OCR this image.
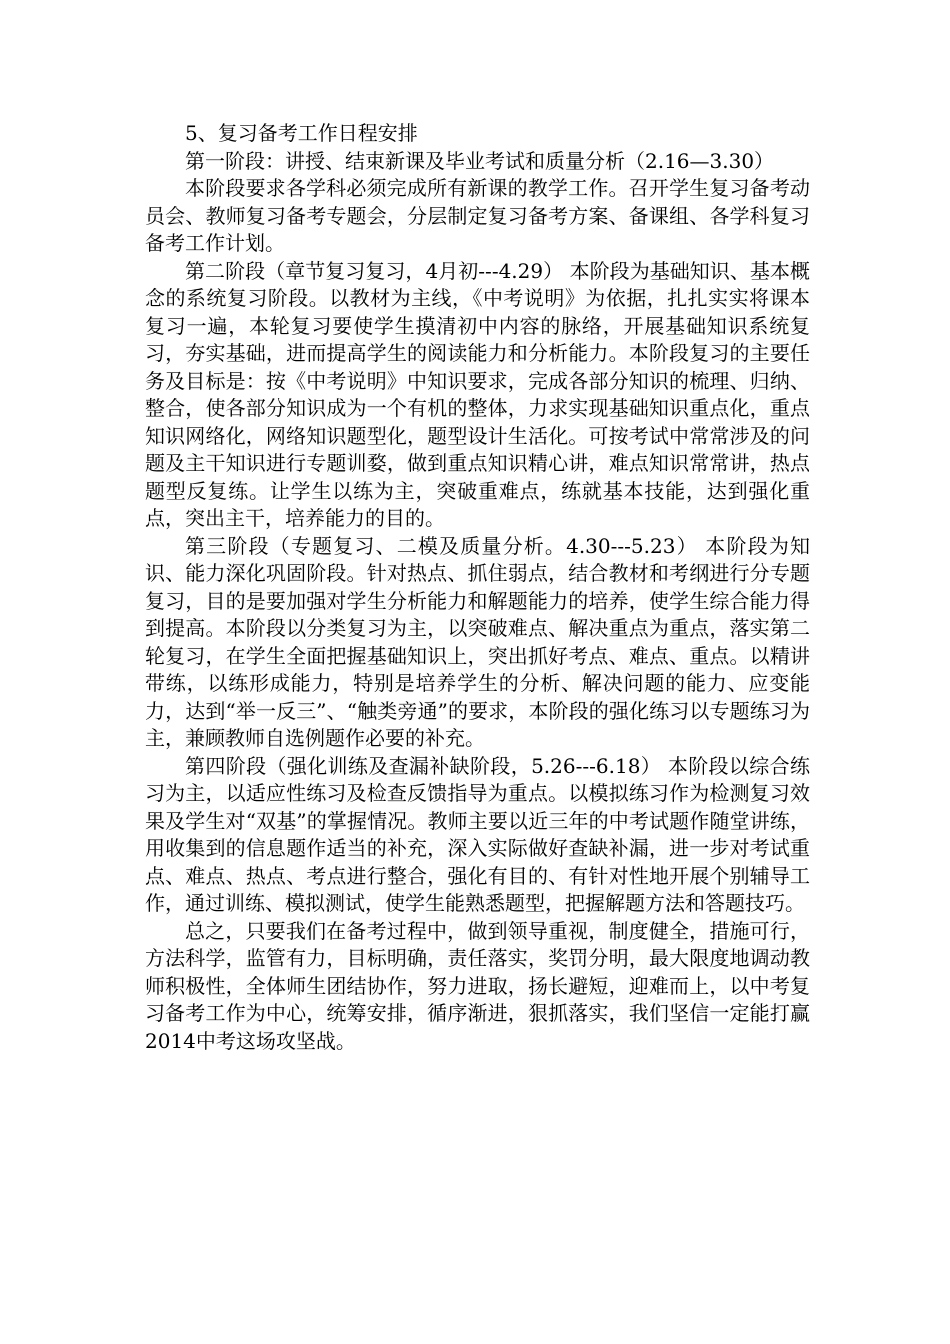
5、复习备考工作日程安排

第一阶段：讲授、结束新课及毕业考试和质量分析（2.16—3.30）

本阶段要求各学科必须完成所有新课的教学工作。召开学生复习备考动员会、教师复习备考专题会，分层制定复习备考方案、备课组、各学科复习备考工作计划。

第二阶段（章节复习复习，4月初---4.29） 本阶段为基础知识、基本概念的系统复习阶段。以教材为主线，《中考说明》为依据，扎扎实实将课本复习一遍，本轮复习要使学生摸清初中内容的脉络，开展基础知识系统复习，夯实基础，进而提高学生的阅读能力和分析能力。本阶段复习的主要任务及目标是：按《中考说明》中知识要求，完成各部分知识的梳理、归纳、整合，使各部分知识成为一个有机的整体，力求实现基础知识重点化，重点知识网络化，网络知识题型化，题型设计生活化。可按考试中常常涉及的问题及主干知识进行专题训婺，做到重点知识精心讲，难点知识常常讲，热点题型反复练。让学生以练为主，突破重难点，练就基本技能，达到强化重点，突出主干，培养能力的目的。

第三阶段（专题复习、二模及质量分析。4.30---5.23） 本阶段为知识、能力深化巩固阶段。针对热点、抓住弱点，结合教材和考纲进行分专题复习，目的是要加强对学生分析能力和解题能力的培养，使学生综合能力得到提高。本阶段以分类复习为主，以突破难点、解决重点为重点，落实第二轮复习，在学生全面把握基础知识上，突出抓好考点、难点、重点。以精讲带练，以练形成能力，特别是培养学生的分析、解决问题的能力、应变能力，达到“举一反三”、“触类旁通”的要求，本阶段的强化练习以专题练习为主，兼顾教师自选例题作必要的补充。

第四阶段（强化训练及查漏补缺阶段，5.26---6.18） 本阶段以综合练习为主，以适应性练习及检查反馈指导为重点。以模拟练习作为检测复习效果及学生对“双基”的掌握情况。教师主要以近三年的中考试题作随堂讲练，用收集到的信息题作适当的补充，深入实际做好查缺补漏，进一步对考试重点、难点、热点、考点进行整合，强化有目的、有针对性地开展个别辅导工作，通过训练、模拟测试，使学生能熟悉题型，把握解题方法和答题技巧。

总之，只要我们在备考过程中，做到领导重视，制度健全，措施可行，方法科学，监管有力，目标明确，责任落实，奖罚分明，最大限度地调动教师积极性，全体师生团结协作，努力进取，扬长避短，迎难而上，以中考复习备考工作为中心，统筹安排，循序渐进，狠抓落实，我们坚信一定能打赢2014中考这场攻坚战。
